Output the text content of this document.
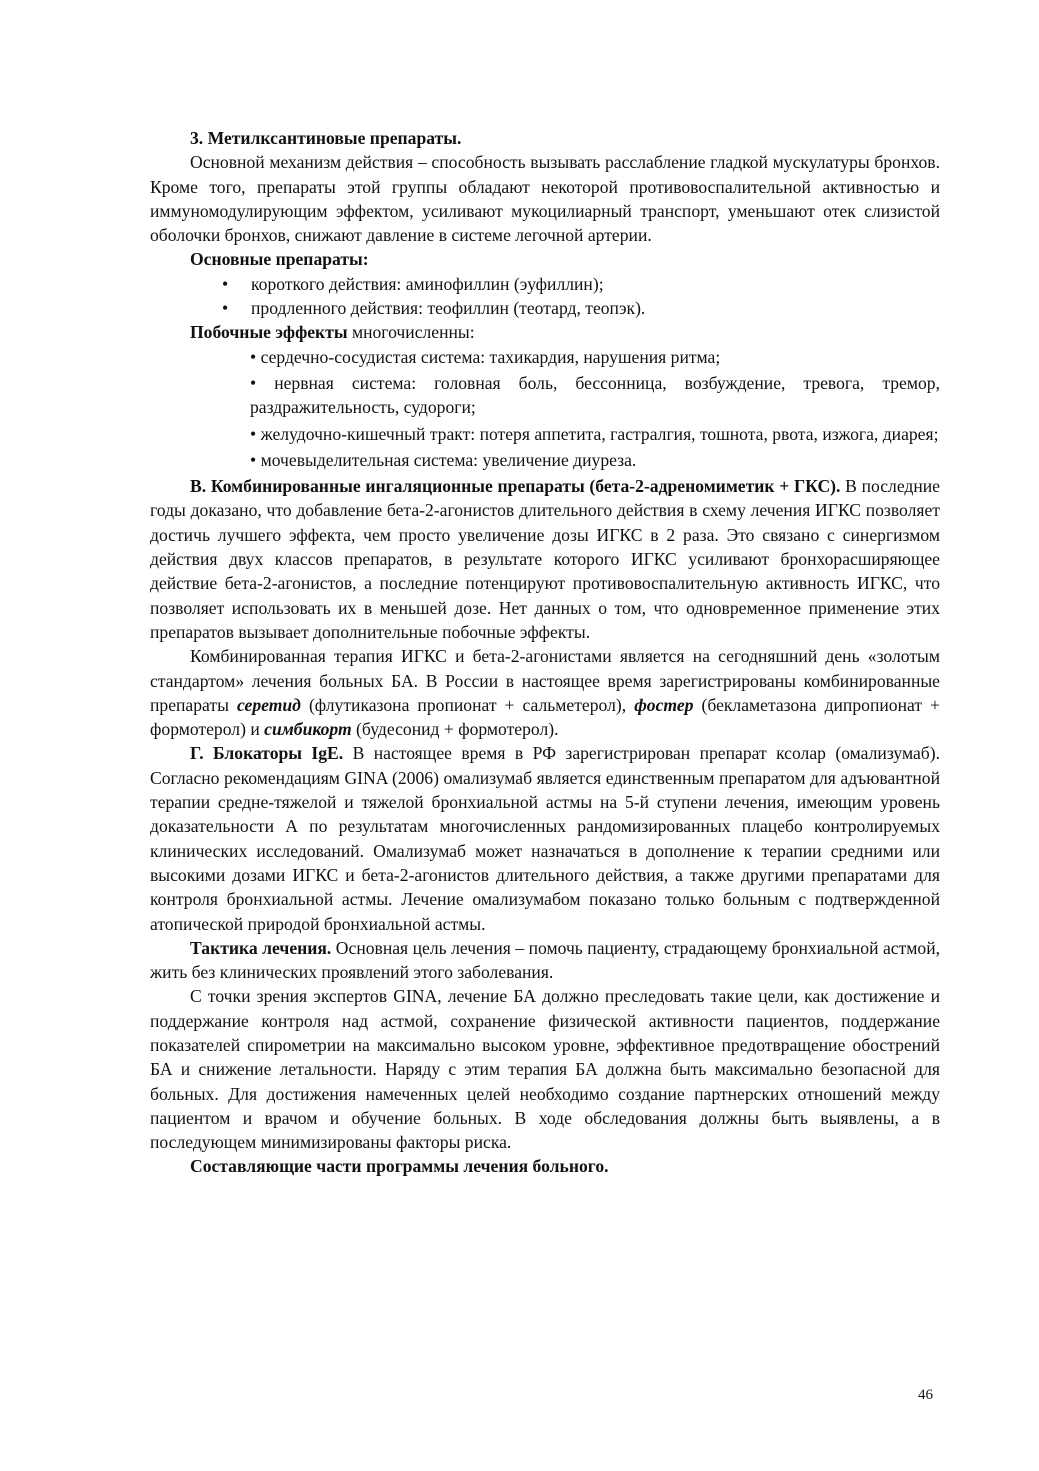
3. Метилксантиновые препараты.

Основной механизм действия – способность вызывать расслабление гладкой мускулатуры бронхов. Кроме того, препараты этой группы обладают некоторой противовоспалительной активностью и иммуномодулирующим эффектом, усиливают мукоцилиарный транспорт, уменьшают отек слизистой оболочки бронхов, снижают давление в системе легочной артерии.

Основные препараты:

• короткого действия: аминофиллин (эуфиллин);
• продленного действия: теофиллин (теотард, теопэк).

Побочные эффекты многочисленны:

• сердечно-сосудистая система: тахикардия, нарушения ритма;
• нервная система: головная боль, бессонница, возбуждение, тревога, тремор, раздражительность, судороги;
• желудочно-кишечный тракт: потеря аппетита, гастралгия, тошнота, рвота, изжога, диарея;
• мочевыделительная система: увеличение диуреза.

В. Комбинированные ингаляционные препараты (бета-2-адреномиметик + ГКС). В последние годы доказано, что добавление бета-2-агонистов длительного действия в схему лечения ИГКС позволяет достичь лучшего эффекта, чем просто увеличение дозы ИГКС в 2 раза. Это связано с синергизмом действия двух классов препаратов, в результате которого ИГКС усиливают бронхорасширяющее действие бета-2-агонистов, а последние потенцируют противовоспалительную активность ИГКС, что позволяет использовать их в меньшей дозе. Нет данных о том, что одновременное применение этих препаратов вызывает дополнительные побочные эффекты.

Комбинированная терапия ИГКС и бета-2-агонистами является на сегодняшний день «золотым стандартом» лечения больных БА. В России в настоящее время зарегистрированы комбинированные препараты серетид (флутиказона пропионат + сальметерол), фостер (бекламетазона дипропионат + формотерол) и симбикорт (будесонид + формотерол).

Г. Блокаторы IgE. В настоящее время в РФ зарегистрирован препарат ксолар (омализумаб). Согласно рекомендациям GINA (2006) омализумаб является единственным препаратом для адъювантной терапии средне-тяжелой и тяжелой бронхиальной астмы на 5-й ступени лечения, имеющим уровень доказательности А по результатам многочисленных рандомизированных плацебо контролируемых клинических исследований. Омализумаб может назначаться в дополнение к терапии средними или высокими дозами ИГКС и бета-2-агонистов длительного действия, а также другими препаратами для контроля бронхиальной астмы. Лечение омализумабом показано только больным с подтвержденной атопической природой бронхиальной астмы.

Тактика лечения. Основная цель лечения – помочь пациенту, страдающему бронхиальной астмой, жить без клинических проявлений этого заболевания.

С точки зрения экспертов GINA, лечение БА должно преследовать такие цели, как достижение и поддержание контроля над астмой, сохранение физической активности пациентов, поддержание показателей спирометрии на максимально высоком уровне, эффективное предотвращение обострений БА и снижение летальности. Наряду с этим терапия БА должна быть максимально безопасной для больных. Для достижения намеченных целей необходимо создание партнерских отношений между пациентом и врачом и обучение больных. В ходе обследования должны быть выявлены, а в последующем минимизированы факторы риска.

Составляющие части программы лечения больного.

46
